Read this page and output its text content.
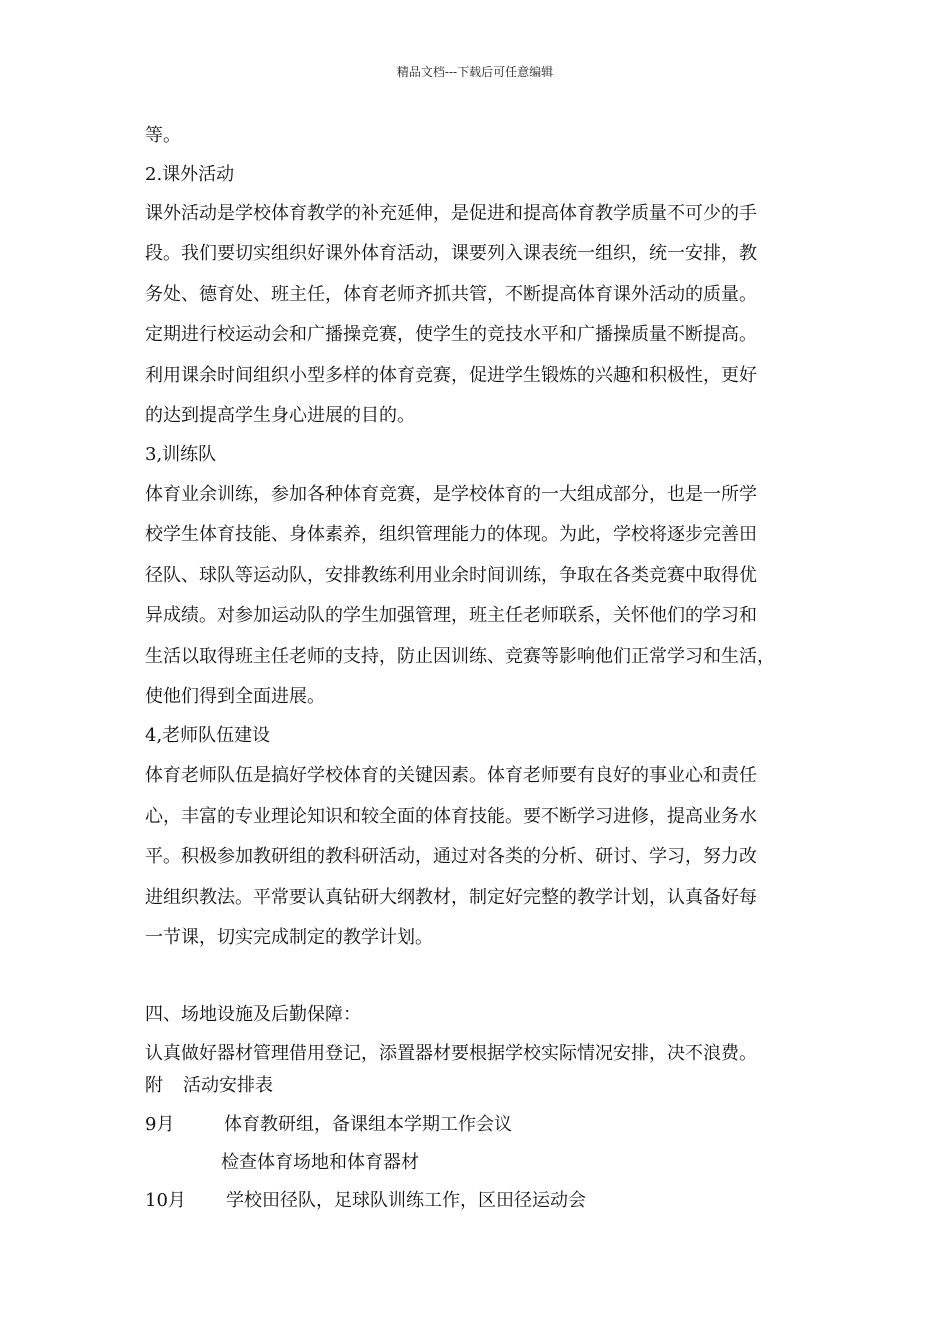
精品文档---下载后可任意编辑
等。
2.课外活动
课外活动是学校体育教学的补充延伸，是促进和提高体育教学质量不可少的手
段。我们要切实组织好课外体育活动，课要列入课表统一组织，统一安排，教
务处、德育处、班主任，体育老师齐抓共管，不断提高体育课外活动的质量。
定期进行校运动会和广播操竞赛，使学生的竞技水平和广播操质量不断提高。
利用课余时间组织小型多样的体育竞赛，促进学生锻炼的兴趣和积极性，更好
的达到提高学生身心进展的目的。
3,训练队
体育业余训练，参加各种体育竞赛，是学校体育的一大组成部分，也是一所学
校学生体育技能、身体素养，组织管理能力的体现。为此，学校将逐步完善田
径队、球队等运动队，安排教练利用业余时间训练，争取在各类竞赛中取得优
异成绩。对参加运动队的学生加强管理，班主任老师联系，关怀他们的学习和
生活以取得班主任老师的支持，防止因训练、竞赛等影响他们正常学习和生活，
使他们得到全面进展。
4,老师队伍建设
体育老师队伍是搞好学校体育的关键因素。体育老师要有良好的事业心和责任
心，丰富的专业理论知识和较全面的体育技能。要不断学习进修，提高业务水
平。积极参加教研组的教科研活动，通过对各类的分析、研讨、学习，努力改
进组织教法。平常要认真钻研大纲教材，制定好完整的教学计划，认真备好每
一节课，切实完成制定的教学计划。
四、场地设施及后勤保障：
认真做好器材管理借用登记，添置器材要根据学校实际情况安排，决不浪费。
附 活动安排表
9月	体育教研组，备课组本学期工作会议
检查体育场地和体育器材
10月 学校田径队，足球队训练工作，区田径运动会
